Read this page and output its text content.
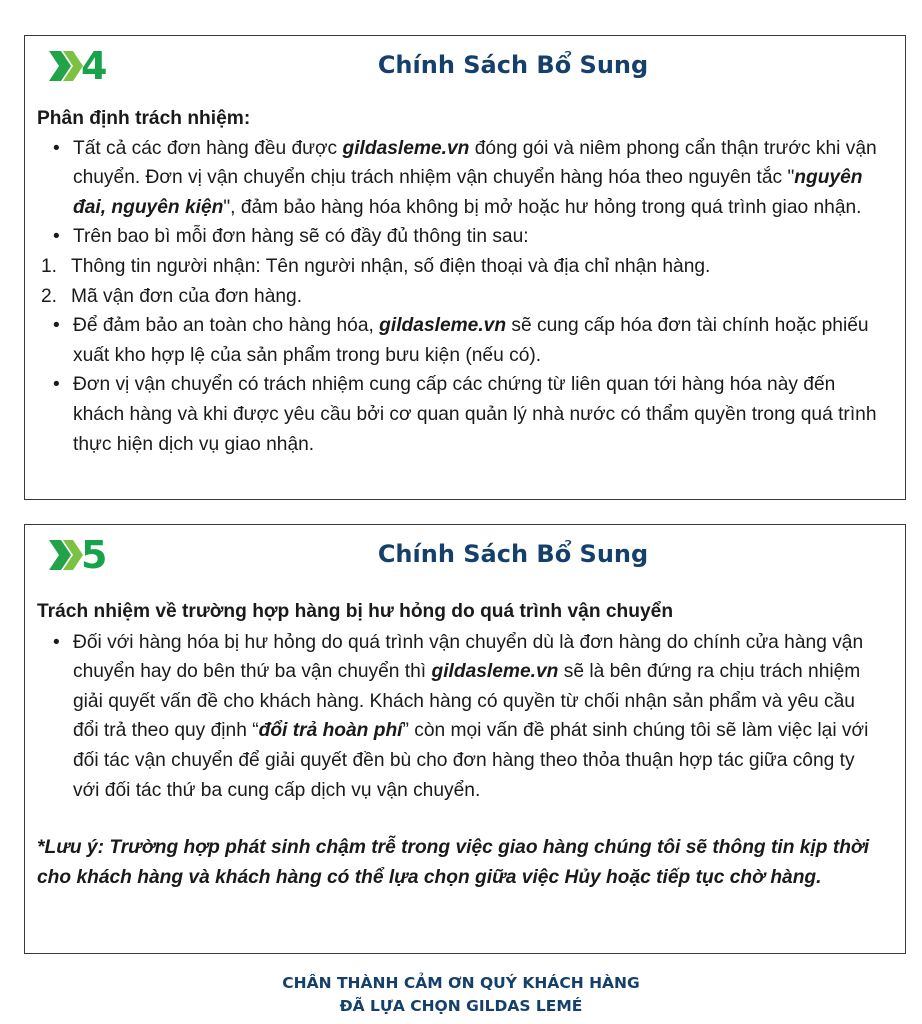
4	Chính Sách Bổ Sung

Phân định trách nhiệm:

• Tất cả các đơn hàng đều được gildasleme.vn đóng gói và niêm phong cẩn thận trước khi vận chuyển. Đơn vị vận chuyển chịu trách nhiệm vận chuyển hàng hóa theo nguyên tắc "nguyên đai, nguyên kiện", đảm bảo hàng hóa không bị mở hoặc hư hỏng trong quá trình giao nhận.

• Trên bao bì mỗi đơn hàng sẽ có đầy đủ thông tin sau:

1. Thông tin người nhận: Tên người nhận, số điện thoại và địa chỉ nhận hàng.

2. Mã vận đơn của đơn hàng.

• Để đảm bảo an toàn cho hàng hóa, gildasleme.vn sẽ cung cấp hóa đơn tài chính hoặc phiếu xuất kho hợp lệ của sản phẩm trong bưu kiện (nếu có).

• Đơn vị vận chuyển có trách nhiệm cung cấp các chứng từ liên quan tới hàng hóa này đến khách hàng và khi được yêu cầu bởi cơ quan quản lý nhà nước có thẩm quyền trong quá trình thực hiện dịch vụ giao nhận.

5	Chính Sách Bổ Sung

Trách nhiệm về trường hợp hàng bị hư hỏng do quá trình vận chuyển

• Đối với hàng hóa bị hư hỏng do quá trình vận chuyển dù là đơn hàng do chính cửa hàng vận chuyển hay do bên thứ ba vận chuyển thì gildasleme.vn sẽ là bên đứng ra chịu trách nhiệm giải quyết vấn đề cho khách hàng. Khách hàng có quyền từ chối nhận sản phẩm và yêu cầu đổi trả theo quy định “đổi trả hoàn phí” còn mọi vấn đề phát sinh chúng tôi sẽ làm việc lại với đối tác vận chuyển để giải quyết đền bù cho đơn hàng theo thỏa thuận hợp tác giữa công ty với đối tác thứ ba cung cấp dịch vụ vận chuyển.

*Lưu ý: Trường hợp phát sinh chậm trễ trong việc giao hàng chúng tôi sẽ thông tin kịp thời cho khách hàng và khách hàng có thể lựa chọn giữa việc Hủy hoặc tiếp tục chờ hàng.

CHÂN THÀNH CẢM ƠN QUÝ KHÁCH HÀNG
ĐÃ LỰA CHỌN GILDAS LEMÉ
